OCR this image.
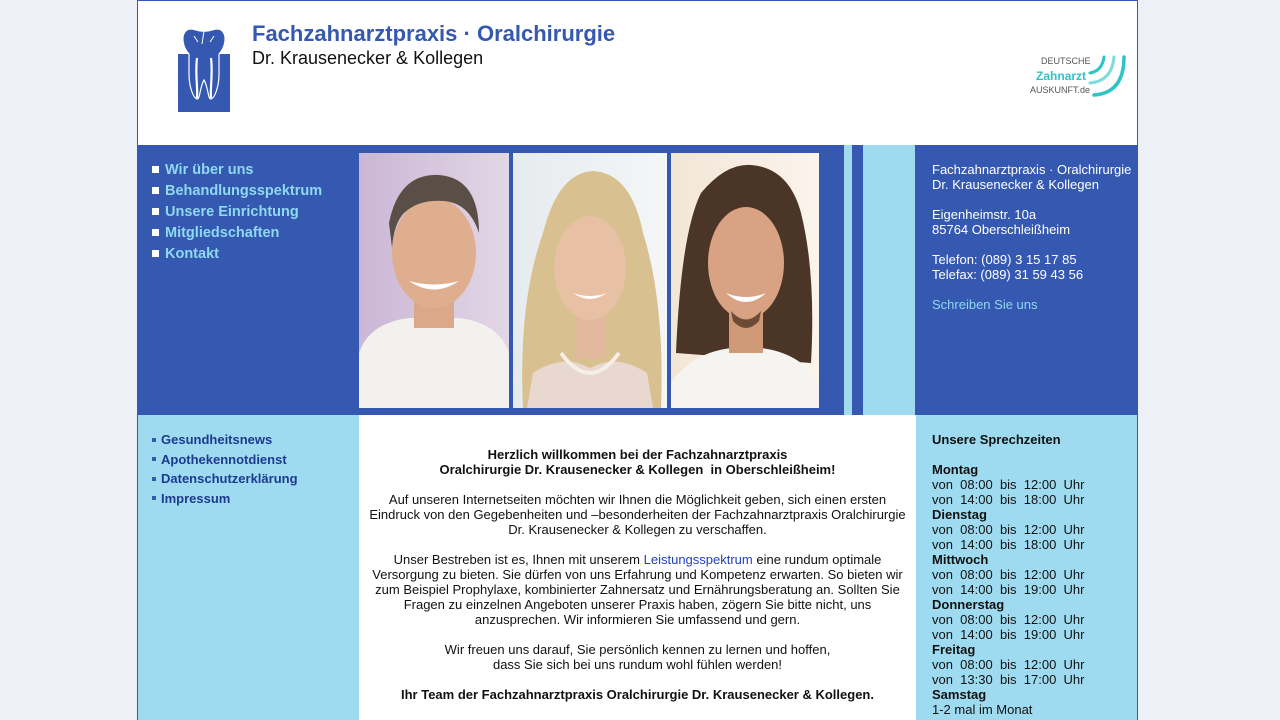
Fachzahnarztpraxis · Oralchirurgie
Dr. Krausenecker & Kollegen	DEUTSCHE
Zahnarzt
AUSKUNFT.de
Wir über uns
Behandlungsspektrum
Unsere Einrichtung
Mitgliedschaften
Kontakt
Fachzahnarztpraxis · Oralchirurgie
Dr. Krausenecker & Kollegen
Eigenheimstr. 10a
85764 Oberschleißheim
Telefon: (089) 3 15 17 85
Telefax: (089) 31 59 43 56
Schreiben Sie uns
Gesundheitsnews
Apothekennotdienst
Datenschutzerklärung
Impressum

Herzlich willkommen bei der Fachzahnarztpraxis

Oralchirurgie Dr. Krausenecker & Kollegen  in Oberschleißheim!

Auf unseren Internetseiten möchten wir Ihnen die Möglichkeit geben, sich einen ersten

Eindruck von den Gegebenheiten und –besonderheiten der Fachzahnarztpraxis Oralchirurgie

Dr. Krausenecker & Kollegen zu verschaffen.

Unser Bestreben ist es, Ihnen mit unserem Leistungsspektrum eine rundum optimale

Versorgung zu bieten. Sie dürfen von uns Erfahrung und Kompetenz erwarten. So bieten wir

zum Beispiel Prophylaxe, kombinierter Zahnersatz und Ernährungsberatung an. Sollten Sie

Fragen zu einzelnen Angeboten unserer Praxis haben, zögern Sie bitte nicht, uns

anzusprechen. Wir informieren Sie umfassend und gern.

Wir freuen uns darauf, Sie persönlich kennen zu lernen und hoffen,

dass Sie sich bei uns rundum wohl fühlen werden!

Ihr Team der Fachzahnarztpraxis Oralchirurgie Dr. Krausenecker & Kollegen.

Unsere Sprechzeiten
Montag
von  08:00  bis  12:00  Uhr
von  14:00  bis  18:00  Uhr
Dienstag
von  08:00  bis  12:00  Uhr
von  14:00  bis  18:00  Uhr
Mittwoch
von  08:00  bis  12:00  Uhr
von  14:00  bis  19:00  Uhr
Donnerstag
von  08:00  bis  12:00  Uhr
von  14:00  bis  19:00  Uhr
Freitag
von  08:00  bis  12:00  Uhr
von  13:30  bis  17:00  Uhr
Samstag
1-2 mal im Monat
